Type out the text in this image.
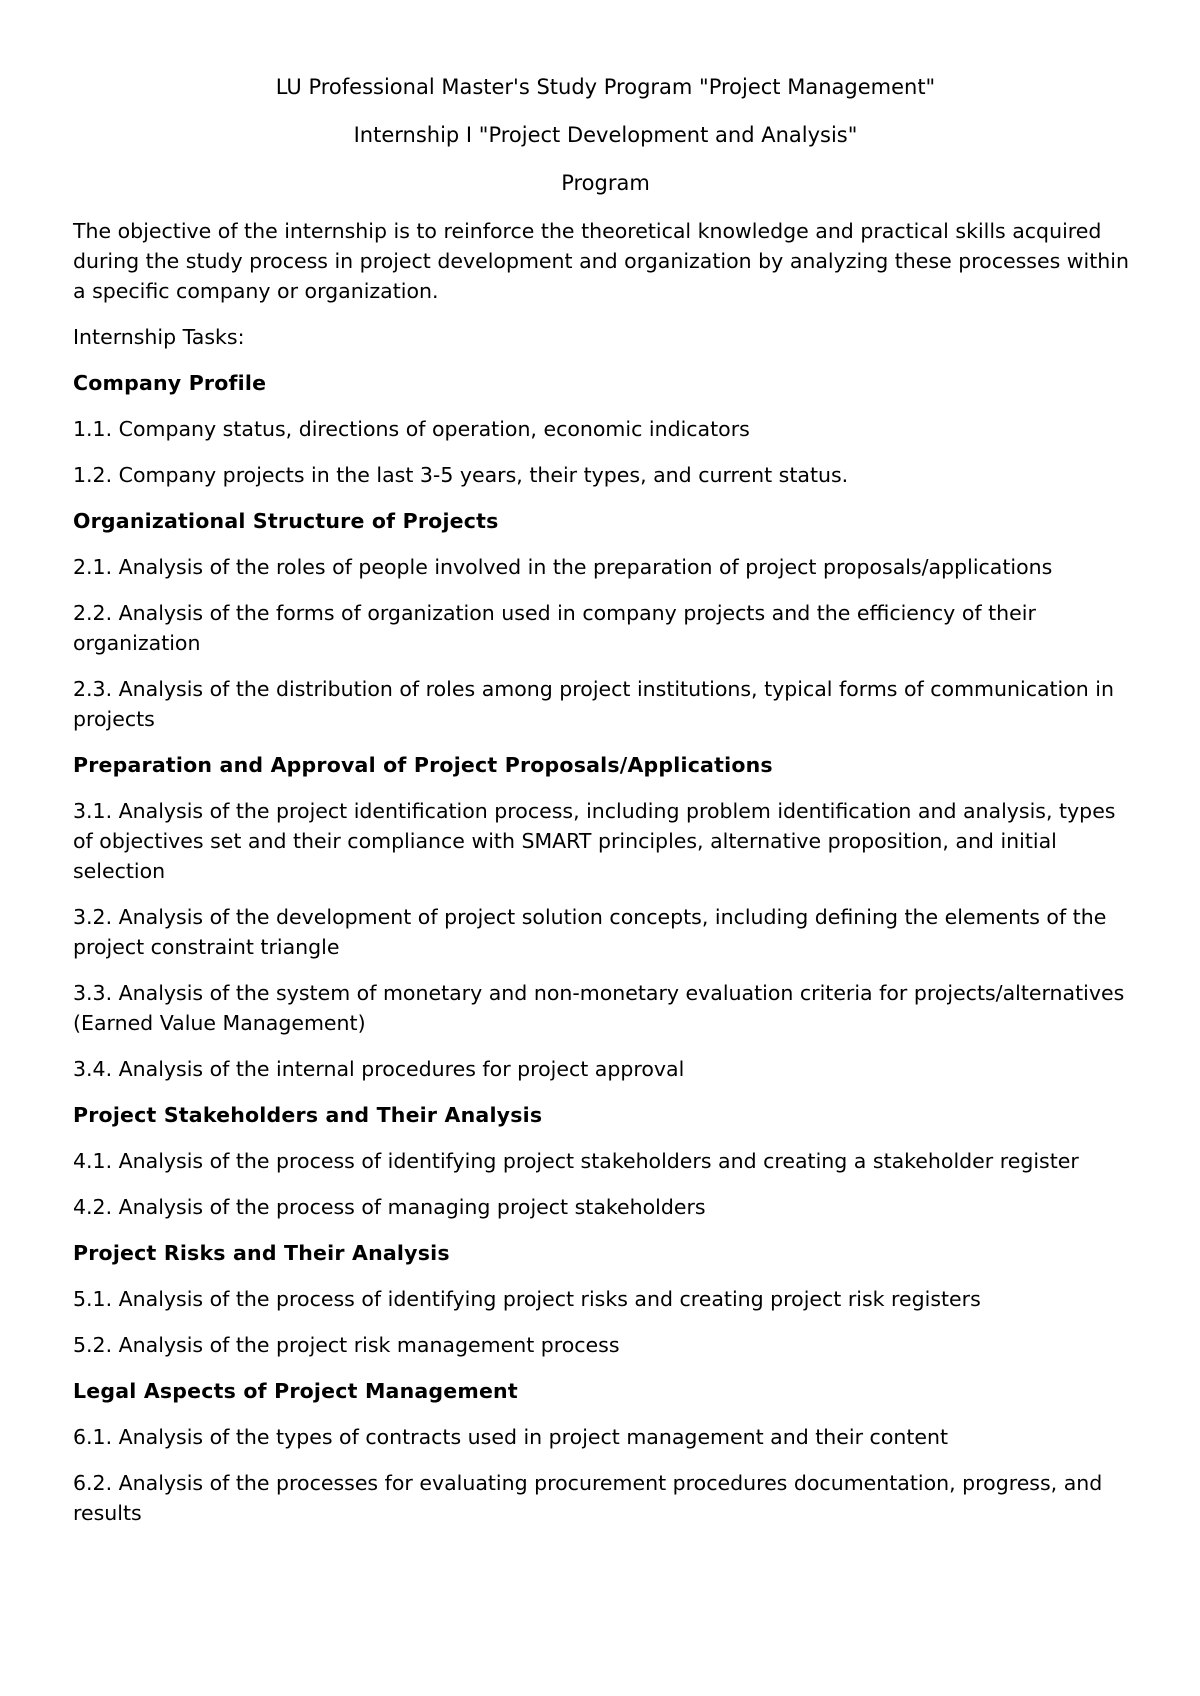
LU Professional Master's Study Program "Project Management"
Internship I "Project Development and Analysis"
Program
The objective of the internship is to reinforce the theoretical knowledge and practical skills acquired during the study process in project development and organization by analyzing these processes within a specific company or organization.
Internship Tasks:
Company Profile
1.1. Company status, directions of operation, economic indicators
1.2. Company projects in the last 3-5 years, their types, and current status.
Organizational Structure of Projects
2.1. Analysis of the roles of people involved in the preparation of project proposals/applications
2.2. Analysis of the forms of organization used in company projects and the efficiency of their organization
2.3. Analysis of the distribution of roles among project institutions, typical forms of communication in projects
Preparation and Approval of Project Proposals/Applications
3.1. Analysis of the project identification process, including problem identification and analysis, types of objectives set and their compliance with SMART principles, alternative proposition, and initial selection
3.2. Analysis of the development of project solution concepts, including defining the elements of the project constraint triangle
3.3. Analysis of the system of monetary and non-monetary evaluation criteria for projects/alternatives (Earned Value Management)
3.4. Analysis of the internal procedures for project approval
Project Stakeholders and Their Analysis
4.1. Analysis of the process of identifying project stakeholders and creating a stakeholder register
4.2. Analysis of the process of managing project stakeholders
Project Risks and Their Analysis
5.1. Analysis of the process of identifying project risks and creating project risk registers
5.2. Analysis of the project risk management process
Legal Aspects of Project Management
6.1. Analysis of the types of contracts used in project management and their content
6.2. Analysis of the processes for evaluating procurement procedures documentation, progress, and results
